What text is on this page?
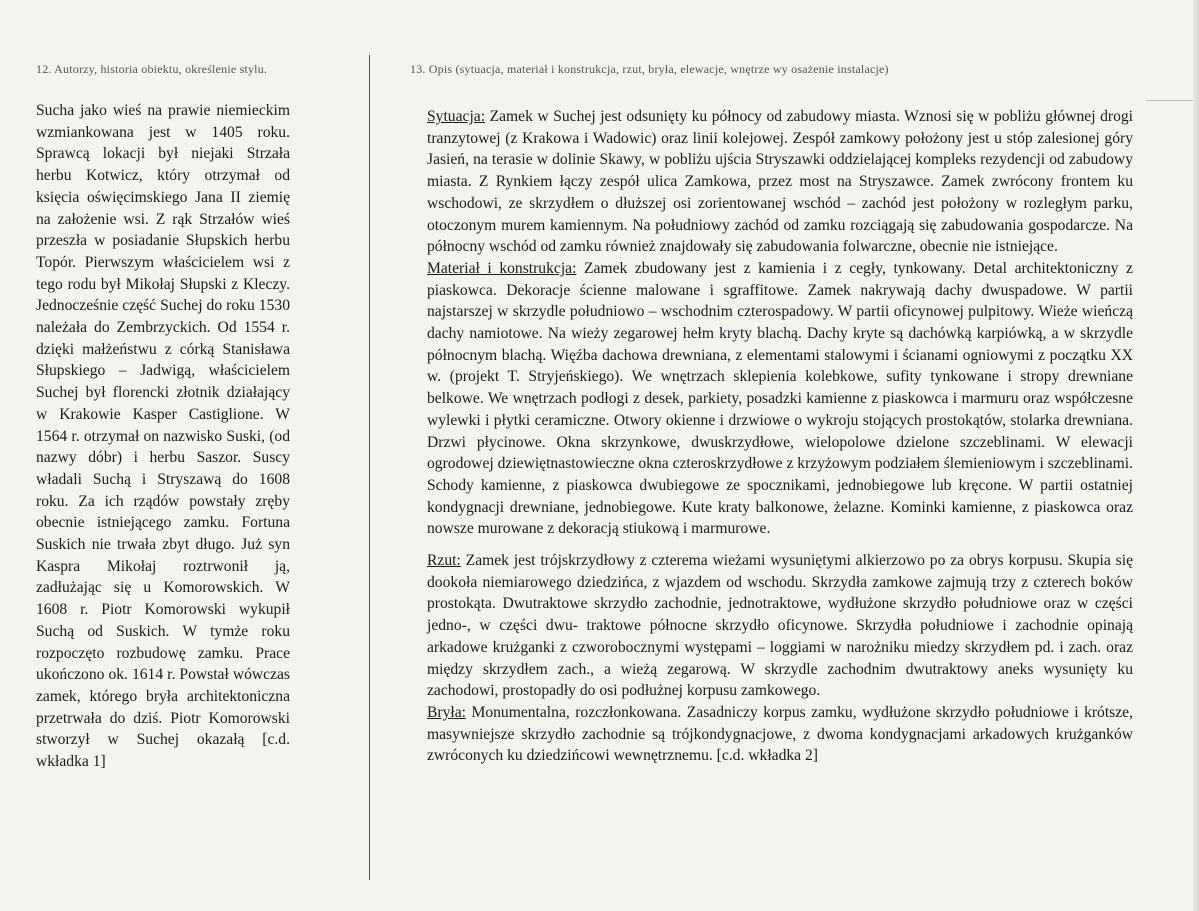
12. Autorzy, historia obiektu, określenie stylu.	13. Opis (sytuacja, materiał i konstrukcja, rzut, bryła, elewacje, wnętrze wy osażenie instalacje)
Sucha jako wieś na prawie niemieckim wzmiankowana jest w 1405 roku. Sprawcą lokacji był niejaki Strzała herbu Kotwicz, który otrzymał od księcia oświęcimskiego Jana II ziemię na założenie wsi. Z rąk Strzałów wieś przeszła w posiadanie Słupskich herbu Topór. Pierwszym właścicielem wsi z tego rodu był Mikołaj Słupski z Kleczy. Jednocześnie część Suchej do roku 1530 należała do Zembrzyckich. Od 1554 r. dzięki małżeństwu z córką Stanisława Słupskiego – Jadwigą, właścicielem Suchej był florencki złotnik działający w Krakowie Kasper Castiglione. W 1564 r. otrzymał on nazwisko Suski, (od nazwy dóbr) i herbu Saszor. Suscy władali Suchą i Stryszawą do 1608 roku. Za ich rządów powstały zręby obecnie istniejącego zamku. Fortuna Suskich nie trwała zbyt długo. Już syn Kaspra Mikołaj roztrwonił ją, zadłużając się u Komorowskich. W 1608 r. Piotr Komorowski wykupił Suchą od Suskich. W tymże roku rozpoczęto rozbudowę zamku. Prace ukończono ok. 1614 r. Powstał wówczas zamek, którego bryła architektoniczna przetrwała do dziś. Piotr Komorowski stworzył w Suchej okazałą [c.d. wkładka 1]

Sytuacja: Zamek w Suchej jest odsunięty ku północy od zabudowy miasta. Wznosi się w pobliżu głównej drogi tranzytowej (z Krakowa i Wadowic) oraz linii kolejowej. Zespół zamkowy położony jest u stóp zalesionej góry Jasień, na terasie w dolinie Skawy, w pobliżu ujścia Stryszawki oddzielającej kompleks rezydencji od zabudowy miasta. Z Rynkiem łączy zespół ulica Zamkowa, przez most na Stryszawce. Zamek zwrócony frontem ku wschodowi, ze skrzydłem o dłuższej osi zorientowanej wschód – zachód jest położony w rozległym parku, otoczonym murem kamiennym. Na południowy zachód od zamku rozciągają się zabudowania gospodarcze. Na północny wschód od zamku również znajdowały się zabudowania folwarczne, obecnie nie istniejące.

Materiał i konstrukcja: Zamek zbudowany jest z kamienia i z cegły, tynkowany. Detal architektoniczny z piaskowca. Dekoracje ścienne malowane i sgraffitowe. Zamek nakrywają dachy dwuspadowe. W partii najstarszej w skrzydle południowo – wschodnim czterospadowy. W partii oficynowej pulpitowy. Wieże wieńczą dachy namiotowe. Na wieży zegarowej hełm kryty blachą. Dachy kryte są dachówką karpiówką, a w skrzydle północnym blachą. Więźba dachowa drewniana, z elementami stalowymi i ścianami ogniowymi z początku XX w. (projekt T. Stryjeńskiego). We wnętrzach sklepienia kolebkowe, sufity tynkowane i stropy drewniane belkowe. We wnętrzach podłogi z desek, parkiety, posadzki kamienne z piaskowca i marmuru oraz współczesne wylewki i płytki ceramiczne. Otwory okienne i drzwiowe o wykroju stojących prostokątów, stolarka drewniana. Drzwi płycinowe. Okna skrzynkowe, dwuskrzydłowe, wielopolowe dzielone szczeblinami. W elewacji ogrodowej dziewiętnastowieczne okna czteroskrzydłowe z krzyżowym podziałem ślemieniowym i szczeblinami. Schody kamienne, z piaskowca dwubiegowe ze spocznikami, jednobiegowe lub kręcone. W partii ostatniej kondygnacji drewniane, jednobiegowe. Kute kraty balkonowe, żelazne. Kominki kamienne, z piaskowca oraz nowsze murowane z dekoracją stiukową i marmurowe.

Rzut: Zamek jest trójskrzydłowy z czterema wieżami wysuniętymi alkierzowo po za obrys korpusu. Skupia się dookoła niemiarowego dziedzińca, z wjazdem od wschodu. Skrzydła zamkowe zajmują trzy z czterech boków prostokąta. Dwutraktowe skrzydło zachodnie, jednotraktowe, wydłużone skrzydło południowe oraz w części jedno-, w części dwu- traktowe północne skrzydło oficynowe. Skrzydła południowe i zachodnie opinają arkadowe krużganki z czworobocznymi występami – loggiami w narożniku miedzy skrzydłem pd. i zach. oraz między skrzydłem zach., a wieżą zegarową. W skrzydle zachodnim dwutraktowy aneks wysunięty ku zachodowi, prostopadły do osi podłużnej korpusu zamkowego.

Bryła: Monumentalna, rozczłonkowana. Zasadniczy korpus zamku, wydłużone skrzydło południowe i krótsze, masywniejsze skrzydło zachodnie są trójkondygnacjowe, z dwoma kondygnacjami arkadowych krużganków zwróconych ku dziedzińcowi wewnętrznemu. [c.d. wkładka 2]
